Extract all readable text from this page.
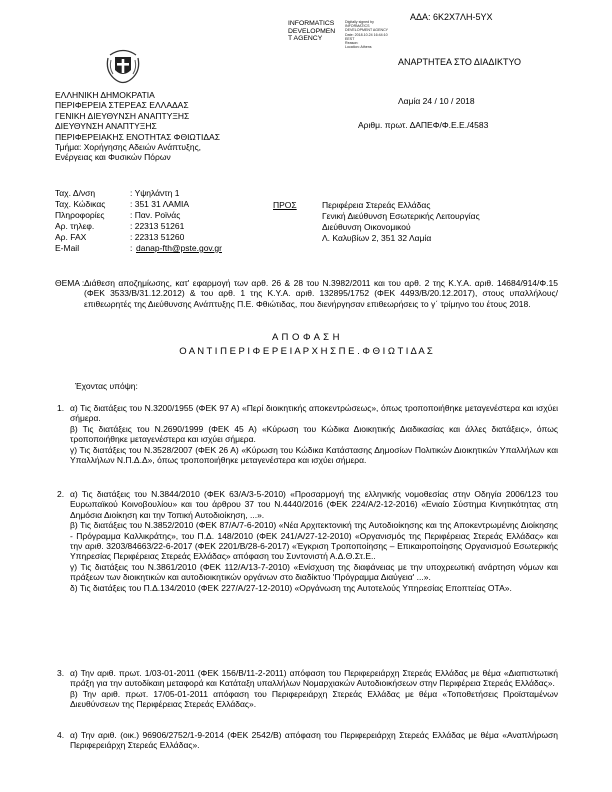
ΑΔΑ: 6Κ2Χ7ΛΗ-5ΥΧ
INFORMATICS
DEVELOPMEN
T AGENCY
Digitally signed by
INFORMATICS
DEVELOPMENT AGENCY
Date: 2018.10.24 16:44:10
EEST
Reason:
Location: Athens
ΑΝΑΡΤΗΤΕΑ ΣΤΟ ΔΙΑΔΙΚΤΥΟ
ΕΛΛΗΝΙΚΗ ΔΗΜΟΚΡΑΤΙΑ
ΠΕΡΙΦΕΡΕΙΑ ΣΤΕΡΕΑΣ ΕΛΛΑΔΑΣ
ΓΕΝΙΚΗ ΔΙΕΥΘΥΝΣΗ ΑΝΑΠΤΥΞΗΣ
ΔΙΕΥΘΥΝΣΗ ΑΝΑΠΤΥΞΗΣ
ΠΕΡΙΦΕΡΕΙΑΚΗΣ ΕΝΟΤΗΤΑΣ ΦΘΙΩΤΙΔΑΣ
Τμήμα: Χορήγησης Αδειών Ανάπτυξης,
Ενέργειας και Φυσικών Πόρων
Λαμία 24 / 10 / 2018
Αριθμ. πρωτ. ΔΑΠΕΦ/Φ.Ε.Ε./4583
Ταχ. Δ/νση	: Υψηλάντη 1
Ταχ. Κώδικας	: 351 31 ΛΑΜΙΑ
Πληροφορίες	: Παν. Ροϊνάς
Αρ. τηλεφ.	: 22313 51261
Αρ. FAX	: 22313 51260
E-Mail	: danap-fth@pste.gov.gr
ΠΡΟΣ	Περιφέρεια Στερεάς Ελλάδας
Γενική Διεύθυνση Εσωτερικής Λειτουργίας
Διεύθυνση Οικονομικού
Λ. Καλυβίων 2, 351 32 Λαμία
ΘΕΜΑ : Διάθεση αποζημίωσης, κατ' εφαρμογή των αρθ. 26 & 28 του Ν.3982/2011 και του αρθ. 2 της Κ.Υ.Α. αριθ. 14684/914/Φ.15 (ΦΕΚ 3533/Β/31.12.2012) & του αρθ. 1 της Κ.Υ.Α. αριθ. 132895/1752 (ΦΕΚ 4493/Β/20.12.2017), στους υπαλλήλους/ επιθεωρητές της Διεύθυνσης Ανάπτυξης Π.Ε. Φθιώτιδας, που διενήργησαν επιθεωρήσεις το γ΄ τρίμηνο του έτους 2018.
Α Π Ο Φ Α Σ Η
Ο Α Ν Τ Ι Π Ε Ρ Ι Φ Ε Ρ Ε Ι Α Ρ Χ Η Σ Π Ε . Φ Θ Ι Ω Τ Ι Δ Α Σ
Έχοντας υπόψη:
1. α) Τις διατάξεις του Ν.3200/1955 (ΦΕΚ 97 Α) «Περί διοικητικής αποκεντρώσεως», όπως τροποποιήθηκε μεταγενέστερα και ισχύει σήμερα.

β) Τις διατάξεις του Ν.2690/1999 (ΦΕΚ 45 Α) «Κύρωση του Κώδικα Διοικητικής Διαδικασίας και άλλες διατάξεις», όπως τροποποιήθηκε μεταγενέστερα και ισχύει σήμερα.

γ) Τις διατάξεις του Ν.3528/2007 (ΦΕΚ 26 Α) «Κύρωση του Κώδικα Κατάστασης Δημοσίων Πολιτικών Διοικητικών Υπαλλήλων και Υπαλλήλων Ν.Π.Δ.Δ», όπως τροποποιήθηκε μεταγενέστερα και ισχύει σήμερα.

2. α) Τις διατάξεις του Ν.3844/2010 (ΦΕΚ 63/Α/3-5-2010) «Προσαρμογή της ελληνικής νομοθεσίας στην Οδηγία 2006/123 του Ευρωπαϊκού Κοινοβουλίου» και του άρθρου 37 του Ν.4440/2016 (ΦΕΚ 224/Α/2-12-2016) «Ενιαίο Σύστημα Κινητικότητας στη Δημόσια Διοίκηση και την Τοπική Αυτοδιοίκηση, ...».

β) Τις διατάξεις του Ν.3852/2010 (ΦΕΚ 87/Α/7-6-2010) «Νέα Αρχιτεκτονική της Αυτοδιοίκησης και της Αποκεντρωμένης Διοίκησης - Πρόγραμμα Καλλικράτης», του Π.Δ. 148/2010 (ΦΕΚ 241/Α/27-12-2010) «Οργανισμός της Περιφέρειας Στερεάς Ελλάδας» και την αριθ. 3203/84663/22-6-2017 (ΦΕΚ 2201/Β/28-6-2017) «Έγκριση Τροποποίησης – Επικαιροποίησης Οργανισμού Εσωτερικής Υπηρεσίας Περιφέρειας Στερεάς Ελλάδας» απόφαση του Συντονιστή Α.Δ.Θ.Στ.Ε..

γ) Τις διατάξεις του Ν.3861/2010 (ΦΕΚ 112/Α/13-7-2010) «Ενίσχυση της διαφάνειας με την υποχρεωτική ανάρτηση νόμων και πράξεων των διοικητικών και αυτοδιοικητικών οργάνων στο διαδίκτυο 'Πρόγραμμα Διαύγεια' ...».

δ) Τις διατάξεις του Π.Δ.134/2010 (ΦΕΚ 227/Α/27-12-2010) «Οργάνωση της Αυτοτελούς Υπηρεσίας Εποπτείας ΟΤΑ».

3. α) Την αριθ. πρωτ. 1/03-01-2011 (ΦΕΚ 156/Β/11-2-2011) απόφαση του Περιφερειάρχη Στερεάς Ελλάδας με θέμα «Διαπιστωτική πράξη για την αυτοδίκαιη μεταφορά και Κατάταξη υπαλλήλων Νομαρχιακών Αυτοδιοικήσεων στην Περιφέρεια Στερεάς Ελλάδας».

β) Την αριθ. πρωτ. 17/05-01-2011 απόφαση του Περιφερειάρχη Στερεάς Ελλάδας με θέμα «Τοποθετήσεις Προϊσταμένων Διευθύνσεων της Περιφέρειας Στερεάς Ελλάδας».

4. α) Την αριθ. (οικ.) 96906/2752/1-9-2014 (ΦΕΚ 2542/Β) απόφαση του Περιφερειάρχη Στερεάς Ελλάδας με θέμα «Αναπλήρωση Περιφερειάρχη Στερεάς Ελλάδας».
